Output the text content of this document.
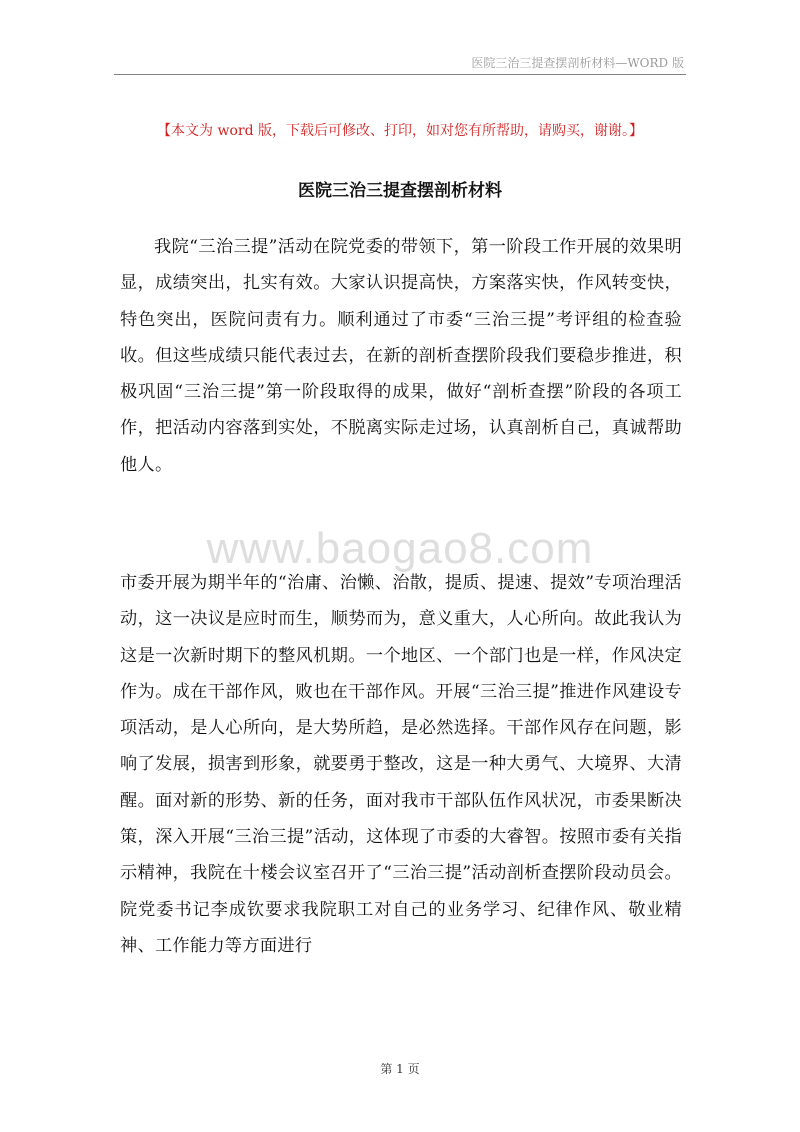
医院三治三提查摆剖析材料—WORD 版
【本文为 word 版，下载后可修改、打印，如对您有所帮助，请购买，谢谢。】
医院三治三提查摆剖析材料

我院“三治三提”活动在院党委的带领下，第一阶段工作开展的效果明显，成绩突出，扎实有效。大家认识提高快，方案落实快，作风转变快，特色突出，医院问责有力。顺利通过了市委“三治三提”考评组的检查验收。但这些成绩只能代表过去，在新的剖析查摆阶段我们要稳步推进，积极巩固“三治三提”第一阶段取得的成果，做好“剖析查摆”阶段的各项工作，把活动内容落到实处，不脱离实际走过场，认真剖析自己，真诚帮助他人。

www.baogao8.com

市委开展为期半年的“治庸、治懒、治散，提质、提速、提效”专项治理活动，这一决议是应时而生，顺势而为，意义重大，人心所向。故此我认为这是一次新时期下的整风机期。一个地区、一个部门也是一样，作风决定作为。成在干部作风，败也在干部作风。开展“三治三提”推进作风建设专项活动，是人心所向，是大势所趋，是必然选择。干部作风存在问题，影响了发展，损害到形象，就要勇于整改，这是一种大勇气、大境界、大清醒。面对新的形势、新的任务，面对我市干部队伍作风状况，市委果断决策，深入开展“三治三提”活动，这体现了市委的大睿智。按照市委有关指示精神，我院在十楼会议室召开了“三治三提”活动剖析查摆阶段动员会。院党委书记李成钦要求我院职工对自己的业务学习、纪律作风、敬业精神、工作能力等方面进行

第 1 页
